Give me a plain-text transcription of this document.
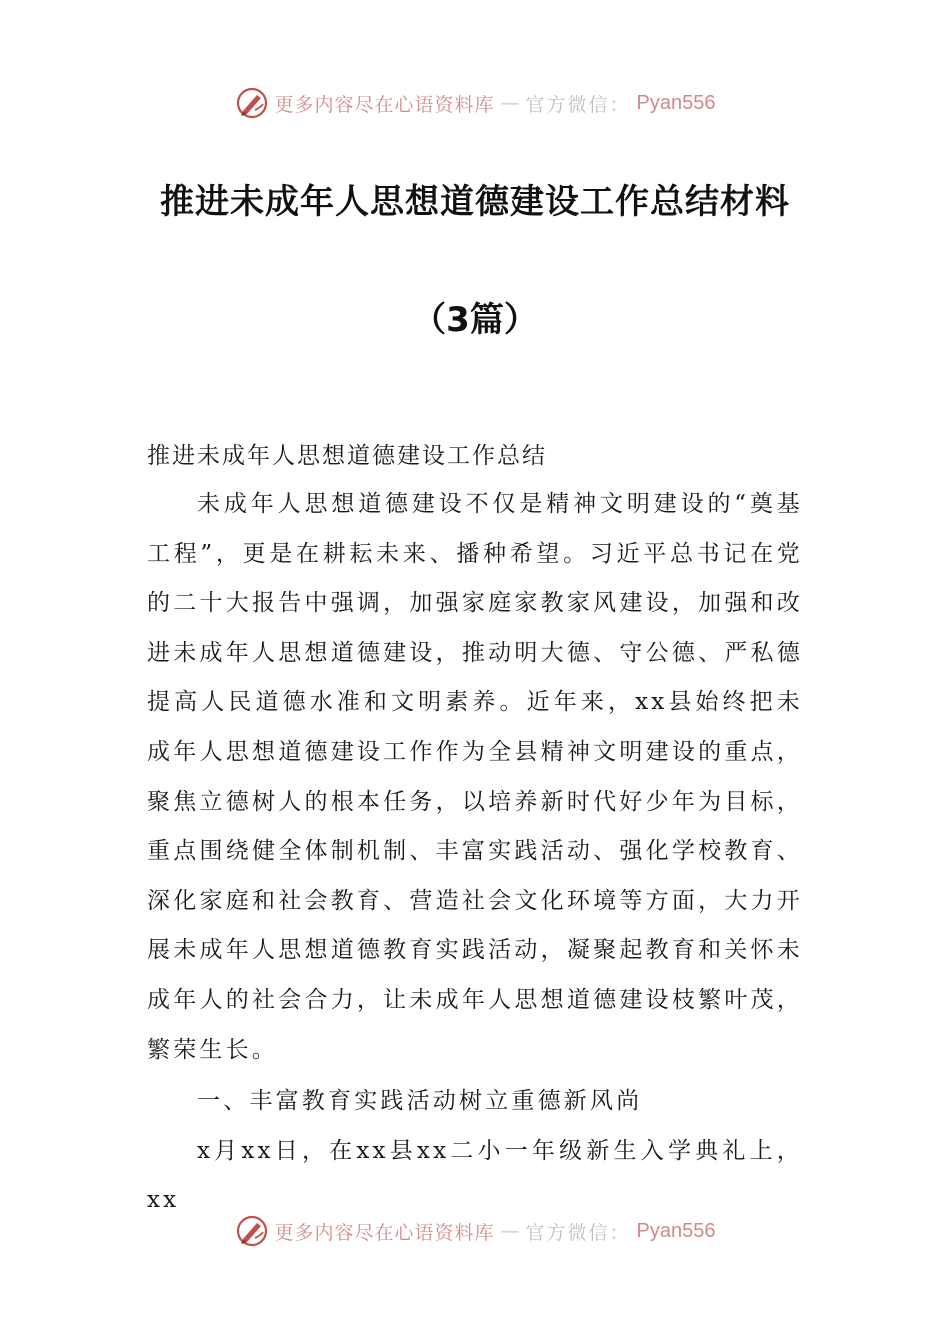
更多内容尽在心语资料库 — 官方微信： Pyan556
推进未成年人思想道德建设工作总结材料
（3篇）
推进未成年人思想道德建设工作总结

未成年人思想道德建设不仅是精神文明建设的“奠基工程”，更是在耕耘未来、播种希望。习近平总书记在党的二十大报告中强调，加强家庭家教家风建设，加强和改进未成年人思想道德建设，推动明大德、守公德、严私德提高人民道德水准和文明素养。近年来，xx县始终把未成年人思想道德建设工作作为全县精神文明建设的重点，聚焦立德树人的根本任务，以培养新时代好少年为目标，重点围绕健全体制机制、丰富实践活动、强化学校教育、深化家庭和社会教育、营造社会文化环境等方面，大力开展未成年人思想道德教育实践活动，凝聚起教育和关怀未成年人的社会合力，让未成年人思想道德建设枝繁叶茂，繁荣生长。

一、丰富教育实践活动树立重德新风尚

x月xx日，在xx县xx二小一年级新生入学典礼上，xx

更多内容尽在心语资料库 — 官方微信： Pyan556
